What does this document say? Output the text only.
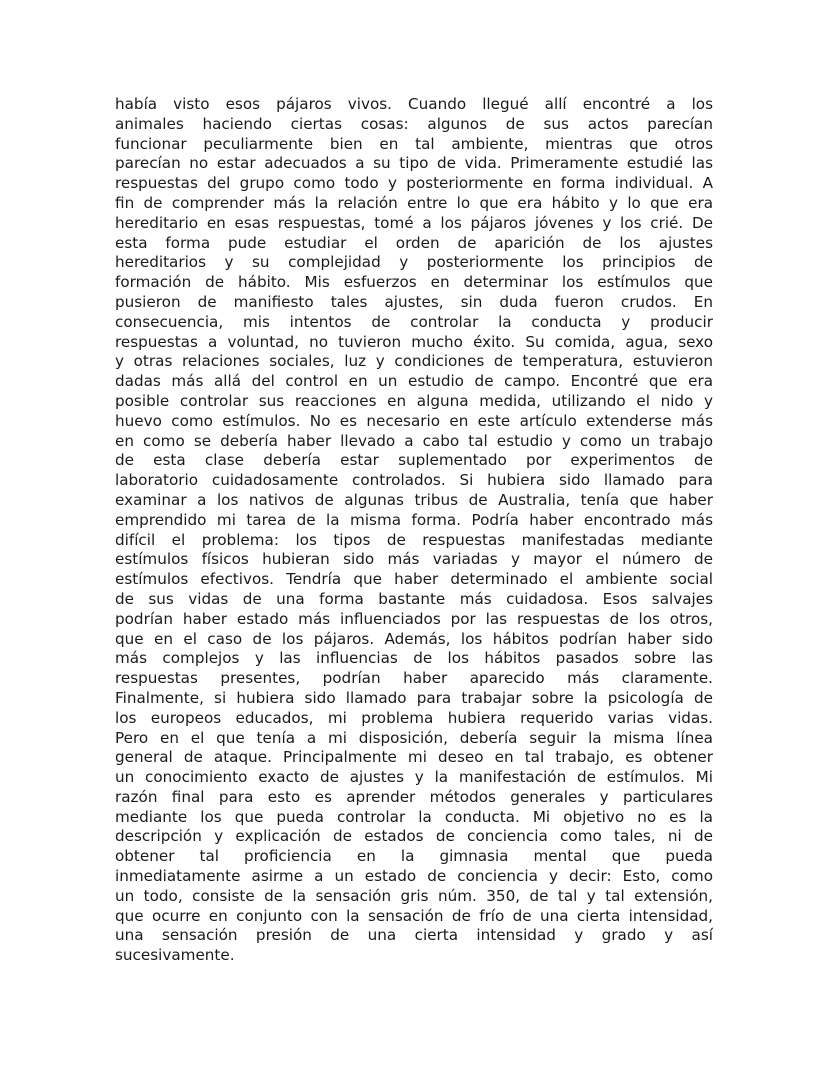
había visto esos pájaros vivos. Cuando llegué allí encontré a los
animales haciendo ciertas cosas: algunos de sus actos parecían
funcionar peculiarmente bien en tal ambiente, mientras que otros
parecían no estar adecuados a su tipo de vida. Primeramente estudié las
respuestas del grupo como todo y posteriormente en forma individual. A
fin de comprender más la relación entre lo que era hábito y lo que era
hereditario en esas respuestas, tomé a los pájaros jóvenes y los crié. De
esta forma pude estudiar el orden de aparición de los ajustes
hereditarios y su complejidad y posteriormente los principios de
formación de hábito. Mis esfuerzos en determinar los estímulos que
pusieron de manifiesto tales ajustes, sin duda fueron crudos. En
consecuencia, mis intentos de controlar la conducta y producir
respuestas a voluntad, no tuvieron mucho éxito. Su comida, agua, sexo
y otras relaciones sociales, luz y condiciones de temperatura, estuvieron
dadas más allá del control en un estudio de campo. Encontré que era
posible controlar sus reacciones en alguna medida, utilizando el nido y
huevo como estímulos. No es necesario en este artículo extenderse más
en como se debería haber llevado a cabo tal estudio y como un trabajo
de esta clase debería estar suplementado por experimentos de
laboratorio cuidadosamente controlados. Si hubiera sido llamado para
examinar a los nativos de algunas tribus de Australia, tenía que haber
emprendido mi tarea de la misma forma. Podría haber encontrado más
difícil el problema: los tipos de respuestas manifestadas mediante
estímulos físicos hubieran sido más variadas y mayor el número de
estímulos efectivos. Tendría que haber determinado el ambiente social
de sus vidas de una forma bastante más cuidadosa. Esos salvajes
podrían haber estado más influenciados por las respuestas de los otros,
que en el caso de los pájaros. Además, los hábitos podrían haber sido
más complejos y las influencias de los hábitos pasados sobre las
respuestas presentes, podrían haber aparecido más claramente.
Finalmente, si hubiera sido llamado para trabajar sobre la psicología de
los europeos educados, mi problema hubiera requerido varias vidas.
Pero en el que tenía a mi disposición, debería seguir la misma línea
general de ataque. Principalmente mi deseo en tal trabajo, es obtener
un conocimiento exacto de ajustes y la manifestación de estímulos. Mi
razón final para esto es aprender métodos generales y particulares
mediante los que pueda controlar la conducta. Mi objetivo no es la
descripción y explicación de estados de conciencia como tales, ni de
obtener tal proficiencia en la gimnasia mental que pueda
inmediatamente asirme a un estado de conciencia y decir: Esto, como
un todo, consiste de la sensación gris núm. 350, de tal y tal extensión,
que ocurre en conjunto con la sensación de frío de una cierta intensidad,
una sensación presión de una cierta intensidad y grado y así
sucesivamente.
